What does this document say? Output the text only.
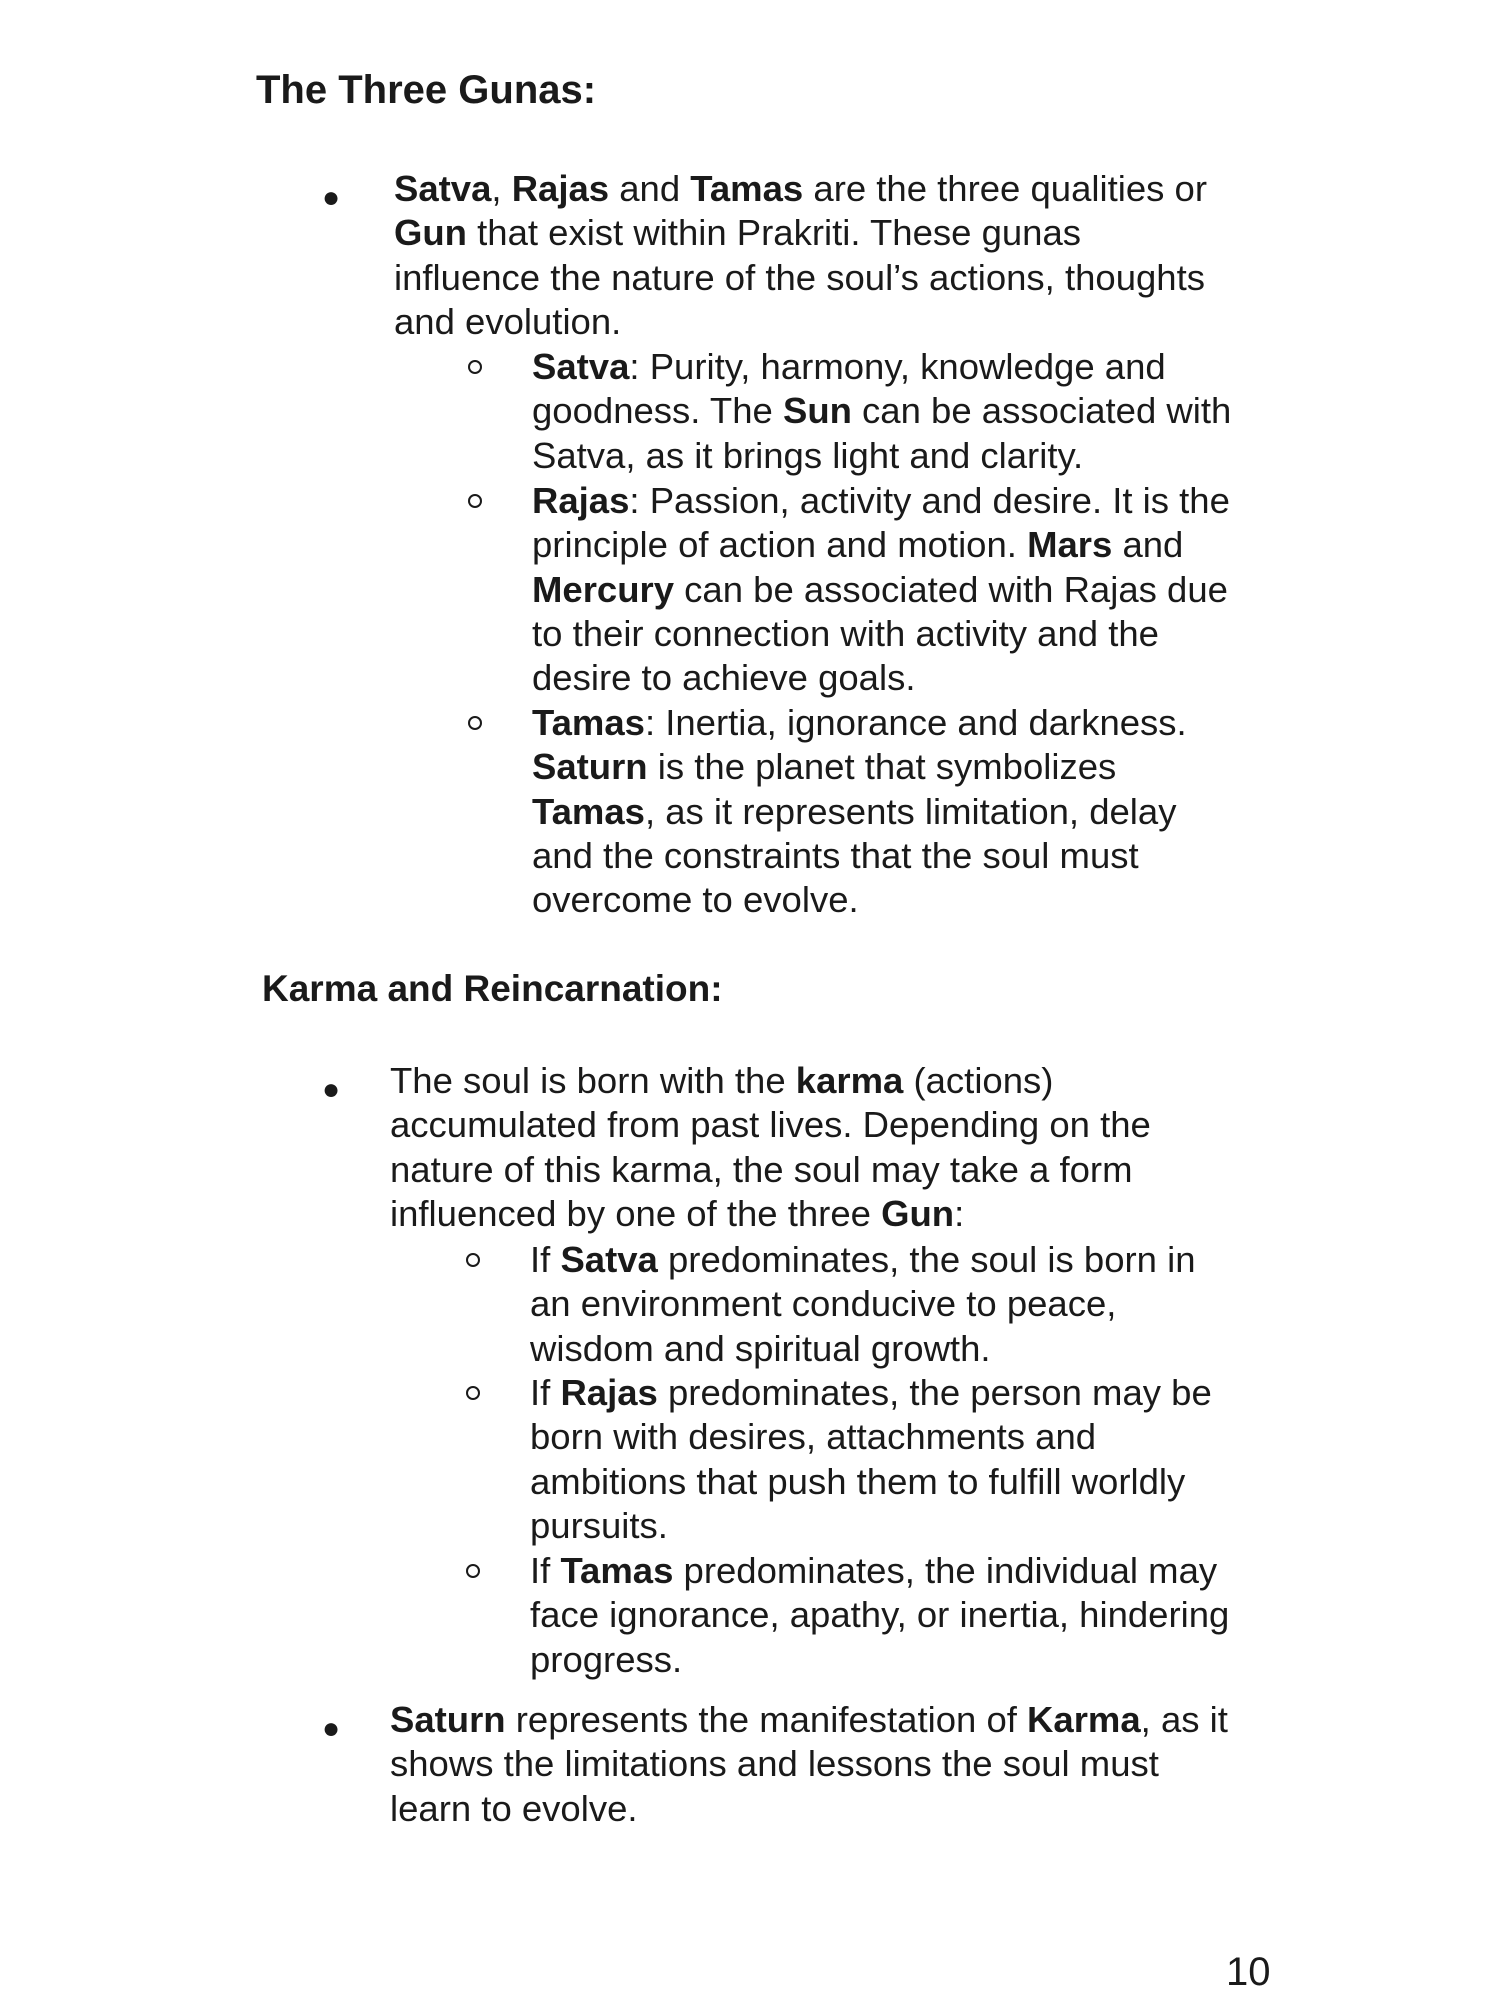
The Three Gunas:
● Satva, Rajas and Tamas are the three qualities or
Gun that exist within Prakriti. These gunas
influence the nature of the soul’s actions, thoughts
and evolution.

Satva: Purity, harmony, knowledge and
goodness. The Sun can be associated with
Satva, as it brings light and clarity.

Rajas: Passion, activity and desire. It is the
principle of action and motion. Mars and
Mercury can be associated with Rajas due
to their connection with activity and the
desire to achieve goals.

Tamas: Inertia, ignorance and darkness.
Saturn is the planet that symbolizes
Tamas, as it represents limitation, delay
and the constraints that the soul must
overcome to evolve.

Karma and Reincarnation:
● The soul is born with the karma (actions)
accumulated from past lives. Depending on the
nature of this karma, the soul may take a form
influenced by one of the three Gun:

If Satva predominates, the soul is born in
an environment conducive to peace,
wisdom and spiritual growth.

If Rajas predominates, the person may be
born with desires, attachments and
ambitions that push them to fulfill worldly
pursuits.

If Tamas predominates, the individual may
face ignorance, apathy, or inertia, hindering
progress.

● Saturn represents the manifestation of Karma, as it
shows the limitations and lessons the soul must
learn to evolve.

10
